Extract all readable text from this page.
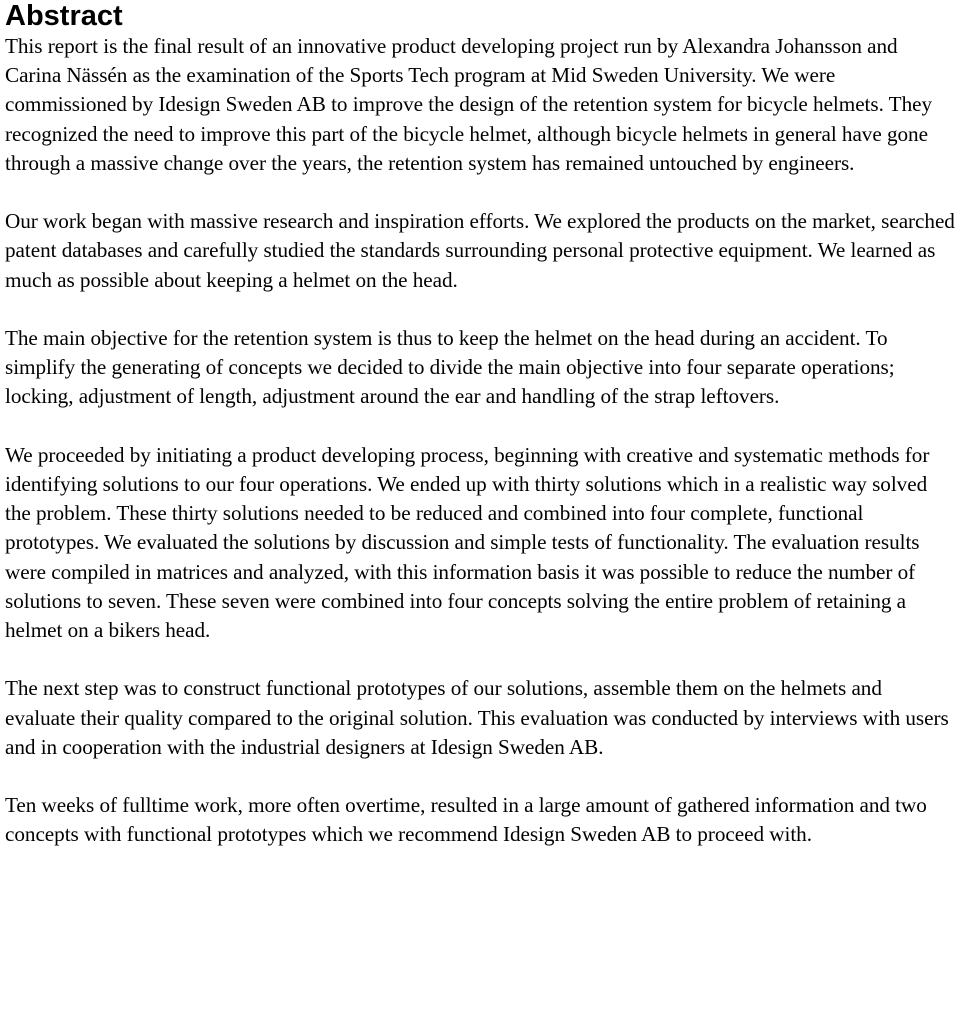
Abstract

This report is the final result of an innovative product developing project run by Alexandra Johansson and Carina Nässén as the examination of the Sports Tech program at Mid Sweden University. We were commissioned by Idesign Sweden AB to improve the design of the retention system for bicycle helmets. They recognized the need to improve this part of the bicycle helmet, although bicycle helmets in general have gone through a massive change over the years, the retention system has remained untouched by engineers.

Our work began with massive research and inspiration efforts. We explored the products on the market, searched patent databases and carefully studied the standards surrounding personal protective equipment. We learned as much as possible about keeping a helmet on the head.

The main objective for the retention system is thus to keep the helmet on the head during an accident. To simplify the generating of concepts we decided to divide the main objective into four separate operations; locking, adjustment of length, adjustment around the ear and handling of the strap leftovers.

We proceeded by initiating a product developing process, beginning with creative and systematic methods for identifying solutions to our four operations. We ended up with thirty solutions which in a realistic way solved the problem. These thirty solutions needed to be reduced and combined into four complete, functional prototypes. We evaluated the solutions by discussion and simple tests of functionality. The evaluation results were compiled in matrices and analyzed, with this information basis it was possible to reduce the number of solutions to seven. These seven were combined into four concepts solving the entire problem of retaining a helmet on a bikers head.

The next step was to construct functional prototypes of our solutions, assemble them on the helmets and evaluate their quality compared to the original solution. This evaluation was conducted by interviews with users and in cooperation with the industrial designers at Idesign Sweden AB.

Ten weeks of fulltime work, more often overtime, resulted in a large amount of gathered information and two concepts with functional prototypes which we recommend Idesign Sweden AB to proceed with.
